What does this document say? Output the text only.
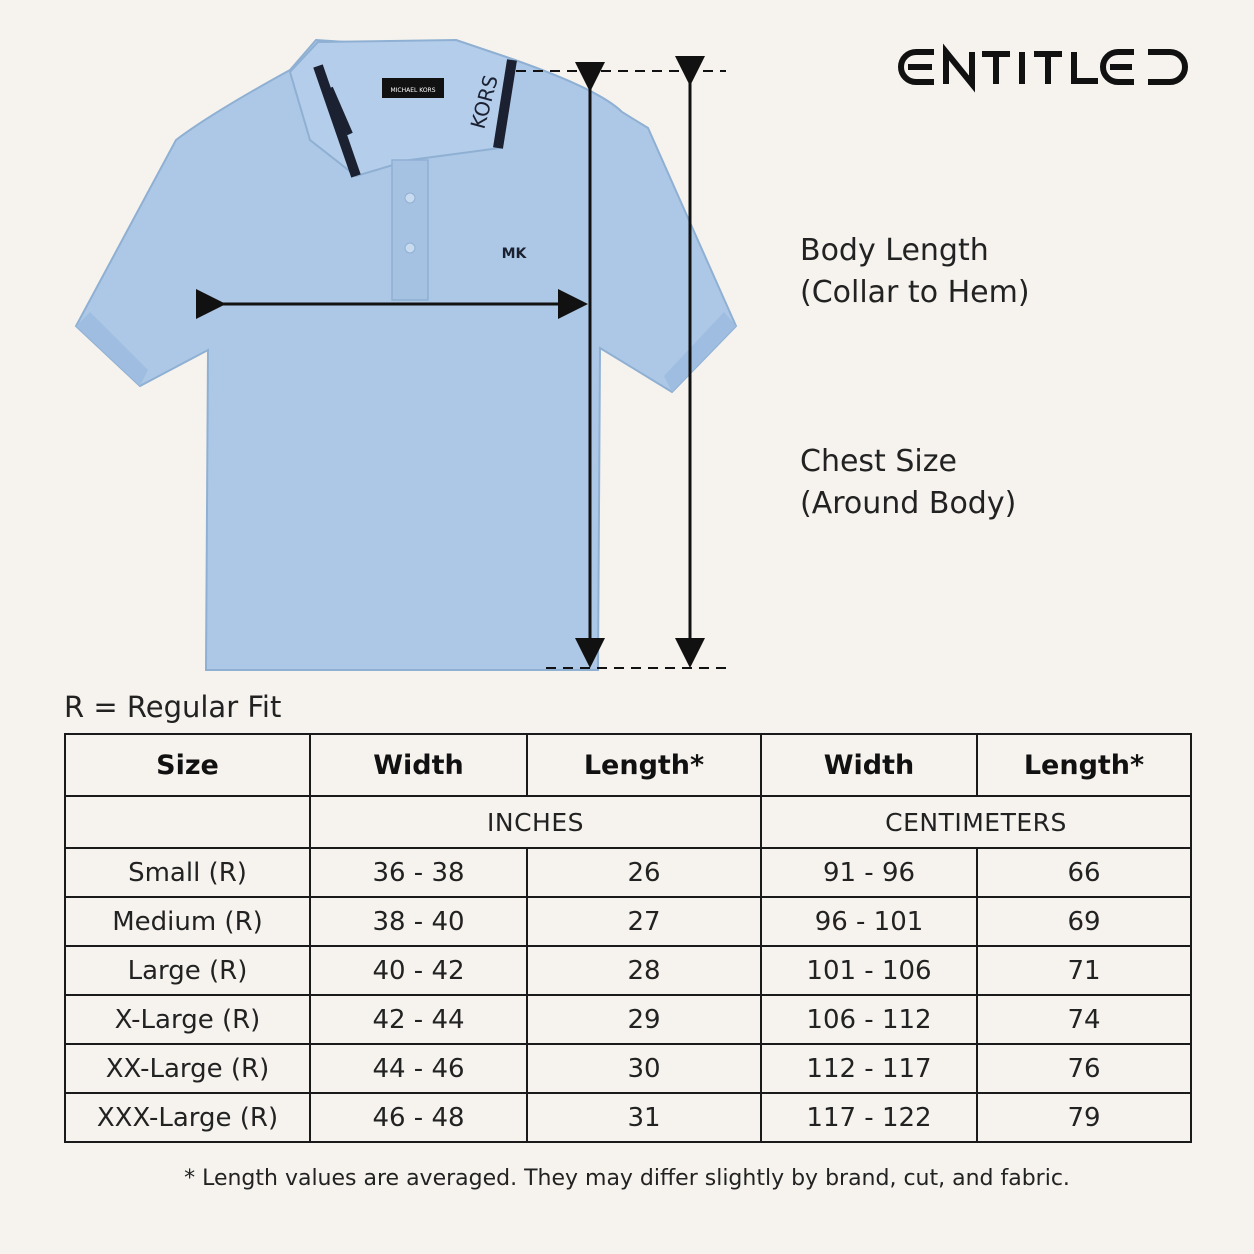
MICHAEL KORS KORS
MK	Body Length
(Collar to Hem)
Chest Size
(Around Body)
R = Regular Fit
Size	Width	Length*	Width	Length*
	INCHES		CENTIMETERS	
Small (R)	36 - 38	26	91 - 96	66
Medium (R)	38 - 40	27	96 - 101	69
Large (R)	40 - 42	28	101 - 106	71
X-Large (R)	42 - 44	29	106 - 112	74
XX-Large (R)	44 - 46	30	112 - 117	76
XXX-Large (R)	46 - 48	31	117 - 122	79
* Length values are averaged. They may differ slightly by brand, cut, and fabric.
